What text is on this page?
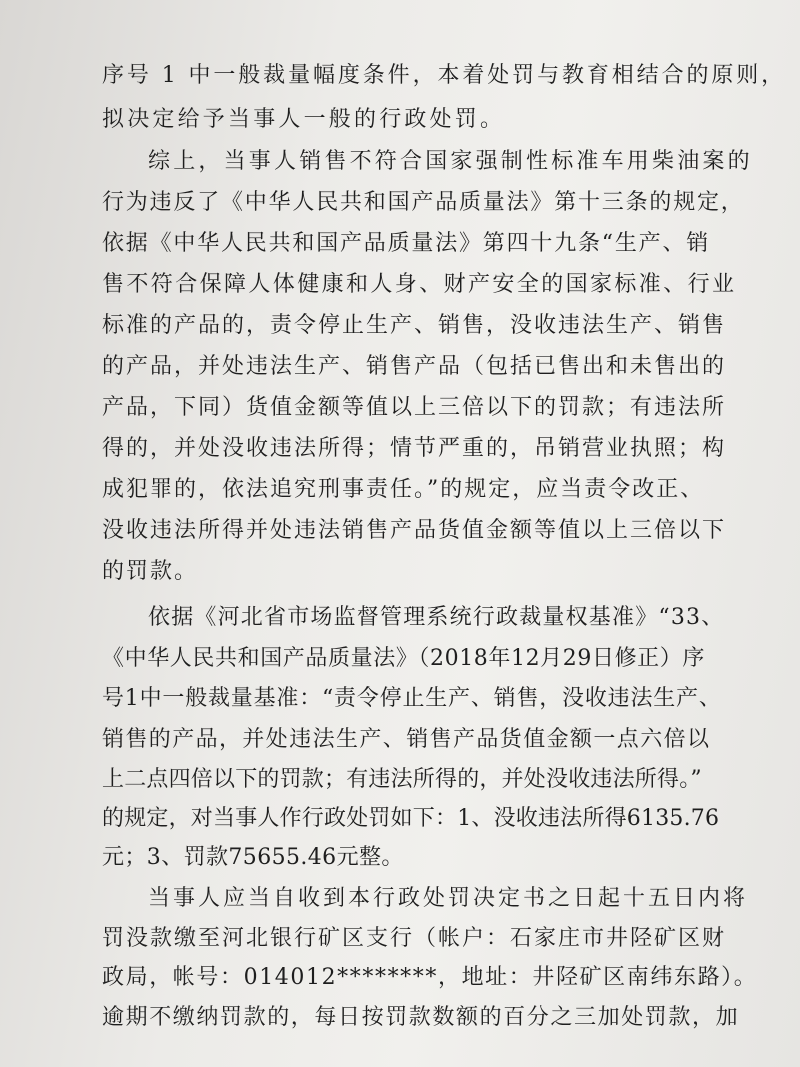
序号 1 中一般裁量幅度条件，本着处罚与教育相结合的原则，
拟决定给予当事人一般的行政处罚。
综上，当事人销售不符合国家强制性标准车用柴油案的
行为违反了《中华人民共和国产品质量法》第十三条的规定，
依据《中华人民共和国产品质量法》第四十九条“生产、销
售不符合保障人体健康和人身、财产安全的国家标准、行业
标准的产品的，责令停止生产、销售，没收违法生产、销售
的产品，并处违法生产、销售产品（包括已售出和未售出的
产品，下同）货值金额等值以上三倍以下的罚款；有违法所
得的，并处没收违法所得；情节严重的，吊销营业执照；构
成犯罪的，依法追究刑事责任。”的规定，应当责令改正、
没收违法所得并处违法销售产品货值金额等值以上三倍以下
的罚款。
依据《河北省市场监督管理系统行政裁量权基准》“33、
《中华人民共和国产品质量法》（2018年12月29日修正）序
号1中一般裁量基准：“责令停止生产、销售，没收违法生产、
销售的产品，并处违法生产、销售产品货值金额一点六倍以
上二点四倍以下的罚款；有违法所得的，并处没收违法所得。”
的规定，对当事人作行政处罚如下：1、没收违法所得6135.76
元；3、罚款75655.46元整。
当事人应当自收到本行政处罚决定书之日起十五日内将
罚没款缴至河北银行矿区支行（帐户：石家庄市井陉矿区财
政局，帐号：014012********，地址：井陉矿区南纬东路）。
逾期不缴纳罚款的，每日按罚款数额的百分之三加处罚款，加
